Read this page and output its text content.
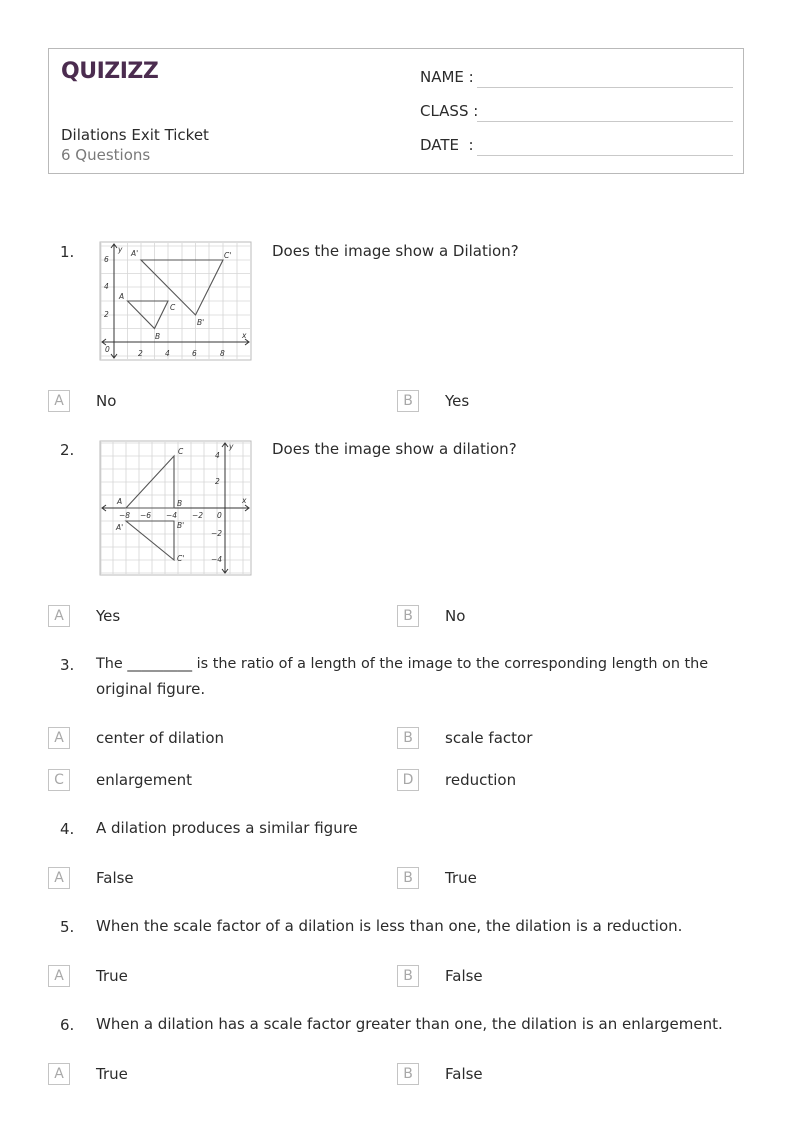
QUIZIZZ
Dilations Exit Ticket
6 Questions
NAME :
CLASS :
DATE  :
1.	6
4
2
2	4	6	8
0
x
y A'	C'
A
C
B'
B
Does the image show a Dilation?
A	No	B	Yes
2.	4
2
−2
−4
−8 −6 −4 −2 0
x
y
C
A	B
A'	B'
C'
Does the image show a dilation?
A	Yes	B	No
3. The _________ is the ratio of a length of the image to the corresponding length on the
original figure.
A	center of dilation	B	scale factor
C	enlargement	D	reduction
4. A dilation produces a similar figure
A	False	B	True
5. When the scale factor of a dilation is less than one, the dilation is a reduction.
A	True	B	False
6. When a dilation has a scale factor greater than one, the dilation is an enlargement.
A	True	B	False
